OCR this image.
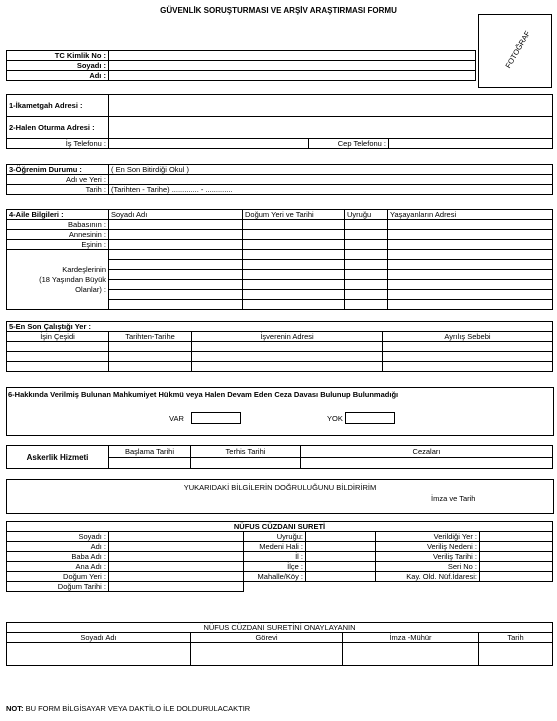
GÜVENLİK SORUŞTURMASI VE ARŞİV ARAŞTIRMASI FORMU
FOTOĞRAF
TC Kimlik No :	
Soyadı :	
Adı :	
1-İkametgah Adresi :			
2-Halen Oturma Adresi :			
İş Telefonu :		Cep Telefonu :	
3-Öğrenim Durumu :	( En Son Bitirdiği Okul )
Adı ve Yeri :	
Tarih :	(Tarihten - Tarihe) ............. - .............
4-Aile Bilgileri :	Soyadı Adı	Doğum Yeri ve Tarihi	Uyruğu	Yaşayanların Adresi
Babasının :				
Annesinin :				
Eşinin :				

Kardeşlerinin
(18 Yaşından Büyük
Olanlar) :				

5-En Son Çalıştığı Yer :			
İşin Çeşidi	Tarihten-Tarihe	İşverenin Adresi	Ayrılış Sebebi

6-Hakkında Verilmiş Bulunan Mahkumiyet Hükmü veya Halen Devam Eden Ceza Davası Bulunup Bulunmadığı
VAR	YOK
Askerlik Hizmeti	Başlama Tarihi	Terhis Tarihi	Cezaları

YUKARIDAKİ BİLGİLERİN DOĞRULUĞUNU BİLDİRİRİM
İmza ve Tarih
NÜFUS CÜZDANI SURETİ					
Soyadı :		Uyruğu:		Verildiği Yer :	
Adı :		Medeni Hali :		Veriliş Nedeni :	
Baba Adı :		İl :		Veriliş Tarihi :	
Ana Adı :		İlçe :		Seri No :	
Doğum Yeri :		Mahalle/Köy :		Kay. Old. Nüf.İdaresi:	
Doğum Tarihi :					
NÜFUS CÜZDANI SURETİNİ ONAYLAYANIN			
Soyadı Adı	Görevi	İmza -Mühür	Tarih

NOT: BU FORM BİLGİSAYAR VEYA DAKTİLO İLE DOLDURULACAKTIR
